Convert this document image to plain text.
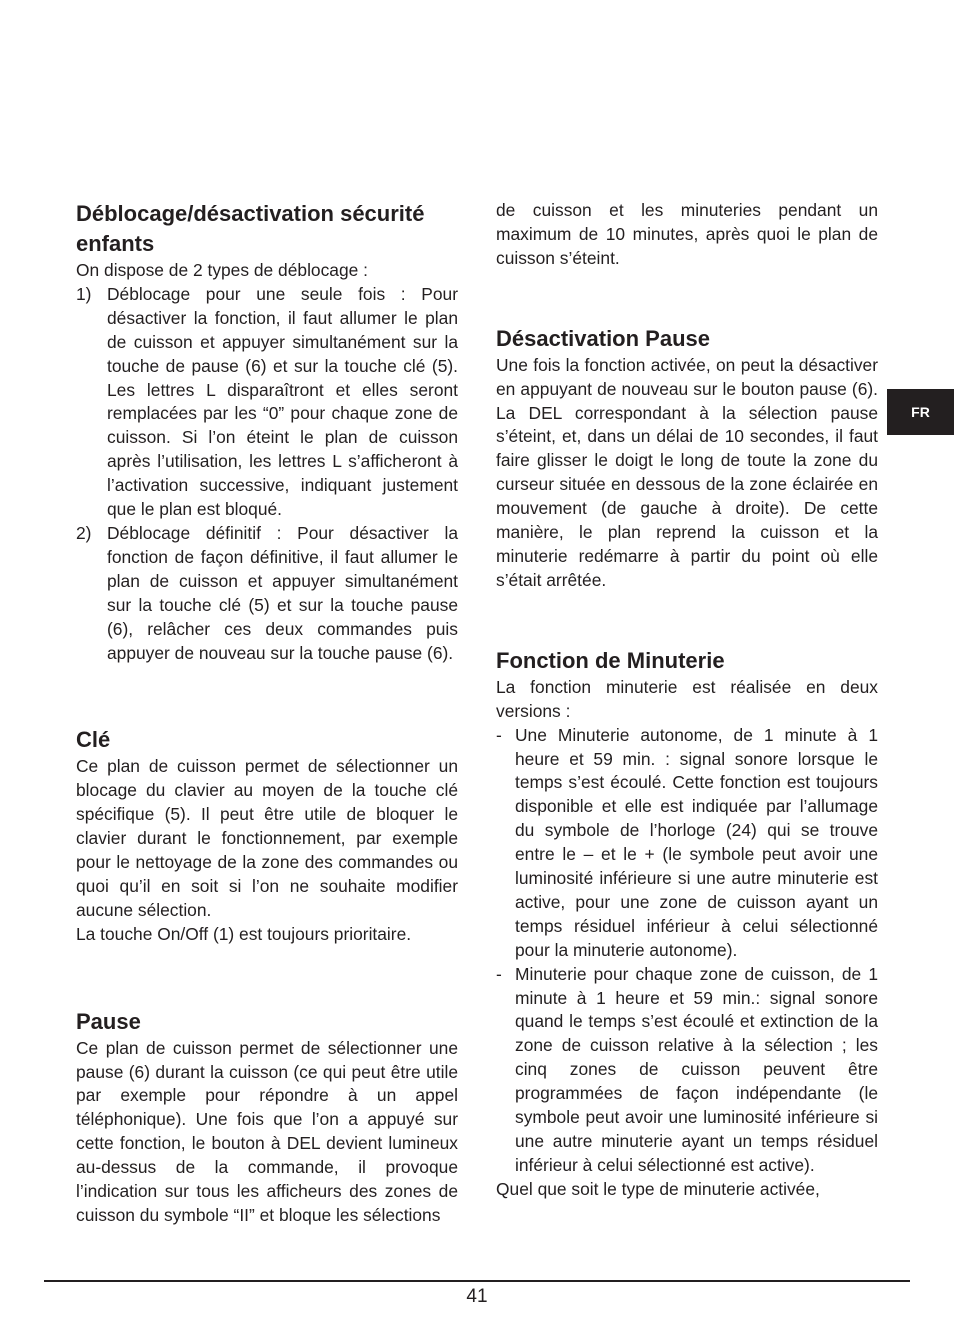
Déblocage/désactivation sécurité enfants

On dispose de 2 types de déblocage :

1) Déblocage pour une seule fois : Pour désactiver la fonction, il faut allumer le plan de cuisson et appuyer simultanément sur la touche de pause (6) et sur la touche clé (5). Les lettres L disparaîtront et elles seront remplacées par les “0” pour chaque zone de cuisson. Si l’on éteint le plan de cuisson après l’utilisation, les lettres L s’afficheront à l’activation successive, indiquant justement que le plan est bloqué.
2) Déblocage définitif : Pour désactiver la fonction de façon définitive, il faut allumer le plan de cuisson et appuyer simultanément sur la touche clé (5) et sur la touche pause (6), relâcher ces deux commandes puis appuyer de nouveau sur la touche pause (6).
Clé

Ce plan de cuisson permet de sélectionner un blocage du clavier au moyen de la touche clé spécifique (5). Il peut être utile de bloquer le clavier durant le fonctionnement, par exemple pour le nettoyage de la zone des commandes ou quoi qu’il en soit si l’on ne souhaite modifier aucune sélection.

La touche On/Off (1) est toujours prioritaire.

Pause

Ce plan de cuisson permet de sélectionner une pause (6) durant la cuisson (ce qui peut être utile par exemple pour répondre à un appel téléphonique). Une fois que l’on a appuyé sur cette fonction, le bouton à DEL devient lumineux au-dessus de la commande, il provoque l’indication sur tous les afficheurs des zones de cuisson du symbole “II” et bloque les sélections

de cuisson et les minuteries pendant un maximum de 10 minutes, après quoi le plan de cuisson s’éteint.

Désactivation Pause

Une fois la fonction activée, on peut la désactiver en appuyant de nouveau sur le bouton pause (6). La DEL correspondant à la sélection pause s’éteint, et, dans un délai de 10 secondes, il faut faire glisser le doigt le long de toute la zone du curseur située en dessous de la zone éclairée en mouvement (de gauche à droite). De cette manière, le plan reprend la cuisson et la minuterie redémarre à partir du point où elle s’était arrêtée.

Fonction de Minuterie

La fonction minuterie est réalisée en deux versions :

- Une Minuterie autonome, de 1 minute à 1 heure et 59 min. : signal sonore lorsque le temps s’est écoulé. Cette fonction est toujours disponible et elle est indiquée par l’allumage du symbole de l’horloge (24) qui se trouve entre le – et le + (le symbole peut avoir une luminosité inférieure si une autre minuterie est active, pour une zone de cuisson ayant un temps résiduel inférieur à celui sélectionné pour la minuterie autonome).
- Minuterie pour chaque zone de cuisson, de 1 minute à 1 heure et 59 min.: signal sonore quand le temps s’est écoulé et extinction de la zone de cuisson relative à la sélection ; les cinq zones de cuisson peuvent être programmées de façon indépendante (le symbole peut avoir une luminosité inférieure si une autre minuterie ayant un temps résiduel inférieur à celui sélectionné est active).

Quel que soit le type de minuterie activée,

FR
41
